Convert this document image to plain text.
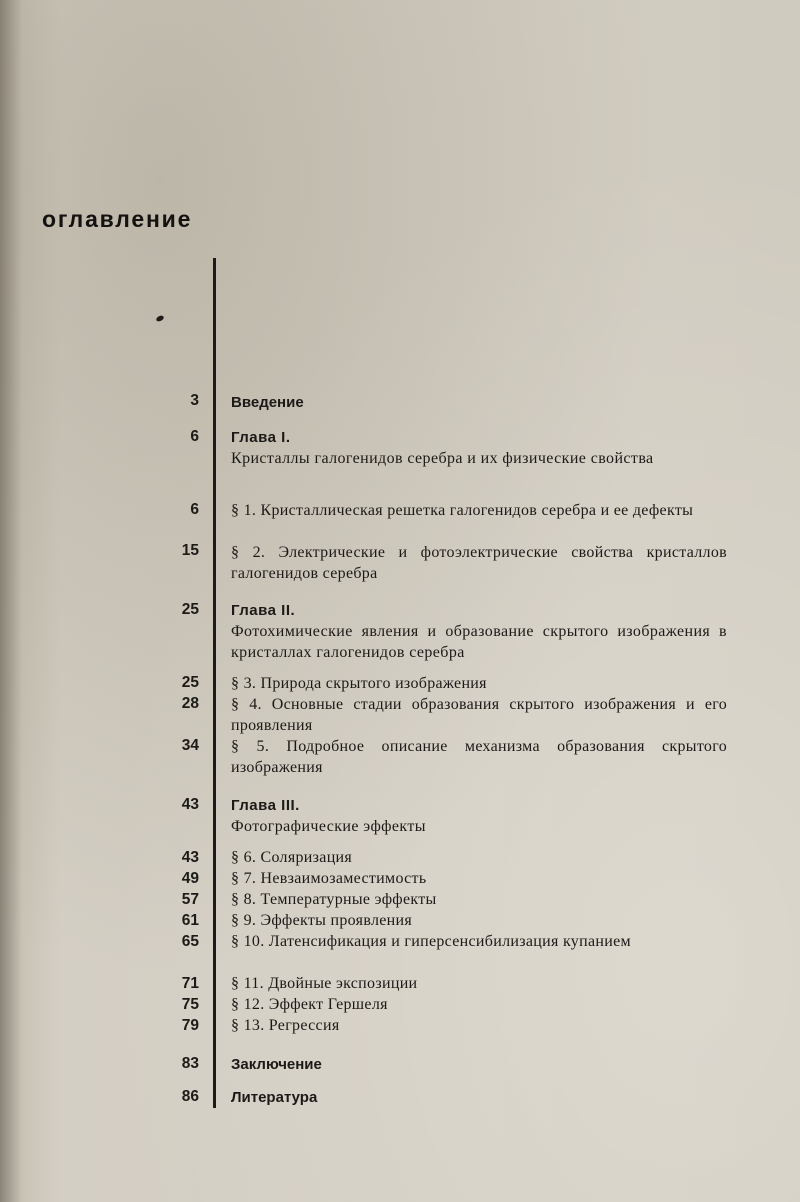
оглавление
3 Введение
6 Глава I.
Кристаллы галогенидов серебра и их физические свойства
6 § 1. Кристаллическая решетка галогенидов серебра и ее дефекты
15 § 2. Электрические и фотоэлектрические свойства кристаллов галогенидов серебра
25 Глава II.
Фотохимические явления и образование скрытого изображения в кристаллах галогенидов серебра
25 § 3. Природа скрытого изображения
28 § 4. Основные стадии образования скрытого изображения и его проявления
34 § 5. Подробное описание механизма образования скрытого изображения
43 Глава III.
Фотографические эффекты
43 § 6. Соляризация
49 § 7. Невзаимозаместимость
57 § 8. Температурные эффекты
61 § 9. Эффекты проявления
65 § 10. Латенсификация и гиперсенсибилизация купанием
71 § 11. Двойные экспозиции
75 § 12. Эффект Гершеля
79 § 13. Регрессия
83 Заключение
86 Литература
